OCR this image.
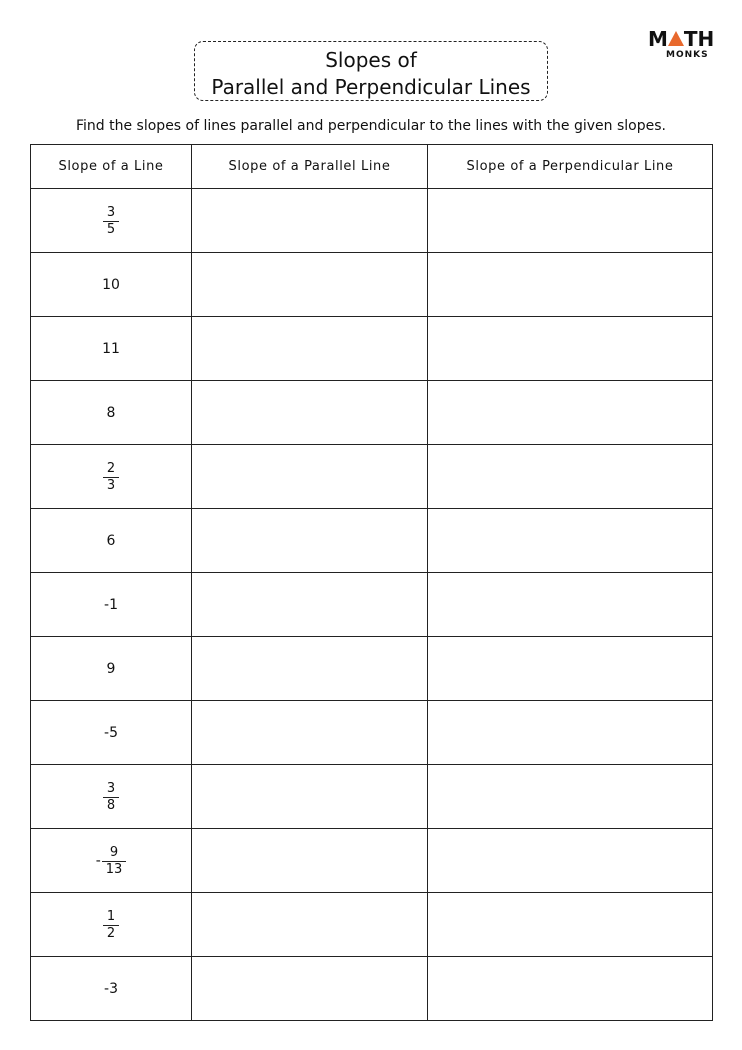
Slopes of
Parallel and Perpendicular Lines
M TH
MONKS
Find the slopes of lines parallel and perpendicular to the lines with the given slopes.
Slope of a Line	Slope of a Parallel Line	Slope of a Perpendicular Line

$\frac{3}{5}$

10		
11		
8		

$\frac{2}{3}$

6		
-1		
9		
-5		

$\frac{3}{8}$

- $\frac{9}{13}$

$\frac{1}{2}$

-3		
